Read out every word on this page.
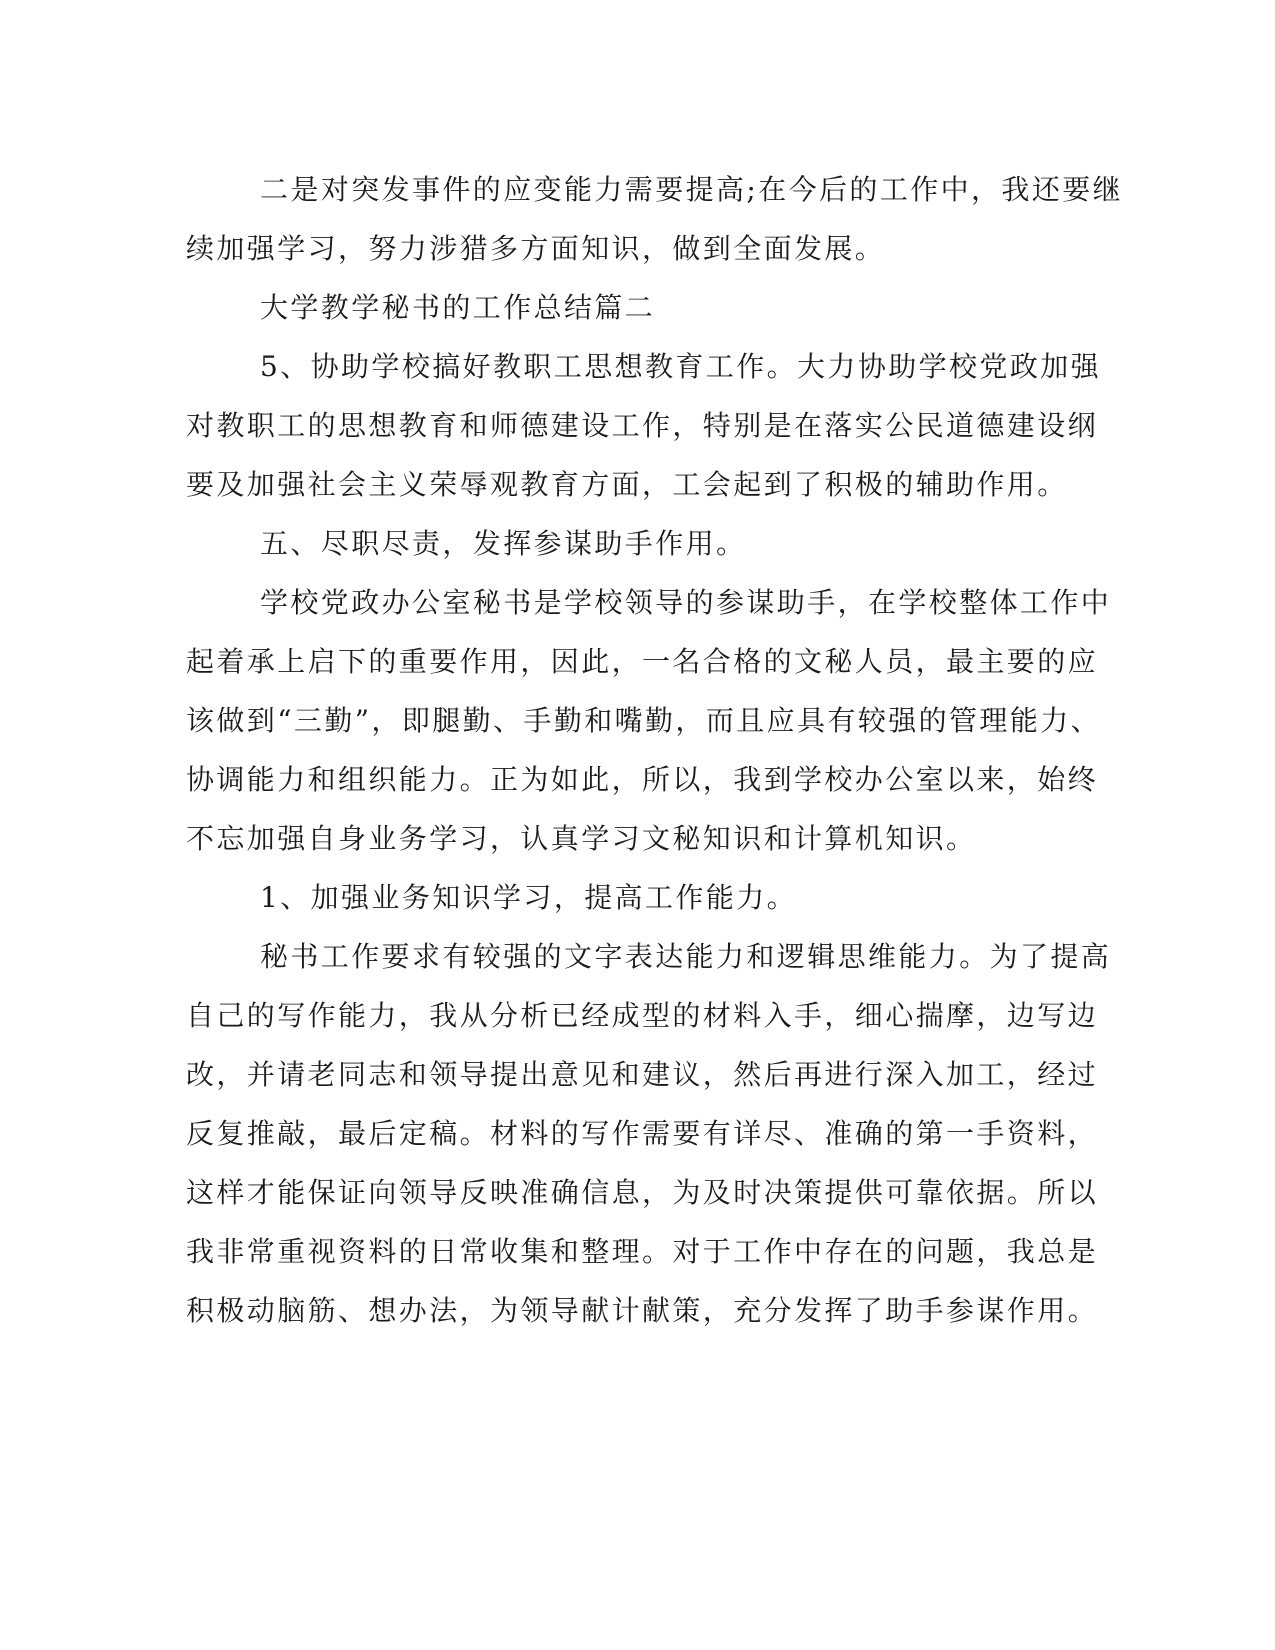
二是对突发事件的应变能力需要提高;在今后的工作中，我还要继
续加强学习，努力涉猎多方面知识，做到全面发展。
大学教学秘书的工作总结篇二
5、协助学校搞好教职工思想教育工作。大力协助学校党政加强
对教职工的思想教育和师德建设工作，特别是在落实公民道德建设纲
要及加强社会主义荣辱观教育方面，工会起到了积极的辅助作用。
五、尽职尽责，发挥参谋助手作用。
学校党政办公室秘书是学校领导的参谋助手，在学校整体工作中
起着承上启下的重要作用，因此，一名合格的文秘人员，最主要的应
该做到“三勤”，即腿勤、手勤和嘴勤，而且应具有较强的管理能力、
协调能力和组织能力。正为如此，所以，我到学校办公室以来，始终
不忘加强自身业务学习，认真学习文秘知识和计算机知识。
1、加强业务知识学习，提高工作能力。
秘书工作要求有较强的文字表达能力和逻辑思维能力。为了提高
自己的写作能力，我从分析已经成型的材料入手，细心揣摩，边写边
改，并请老同志和领导提出意见和建议，然后再进行深入加工，经过
反复推敲，最后定稿。材料的写作需要有详尽、准确的第一手资料，
这样才能保证向领导反映准确信息，为及时决策提供可靠依据。所以
我非常重视资料的日常收集和整理。对于工作中存在的问题，我总是
积极动脑筋、想办法，为领导献计献策，充分发挥了助手参谋作用。
